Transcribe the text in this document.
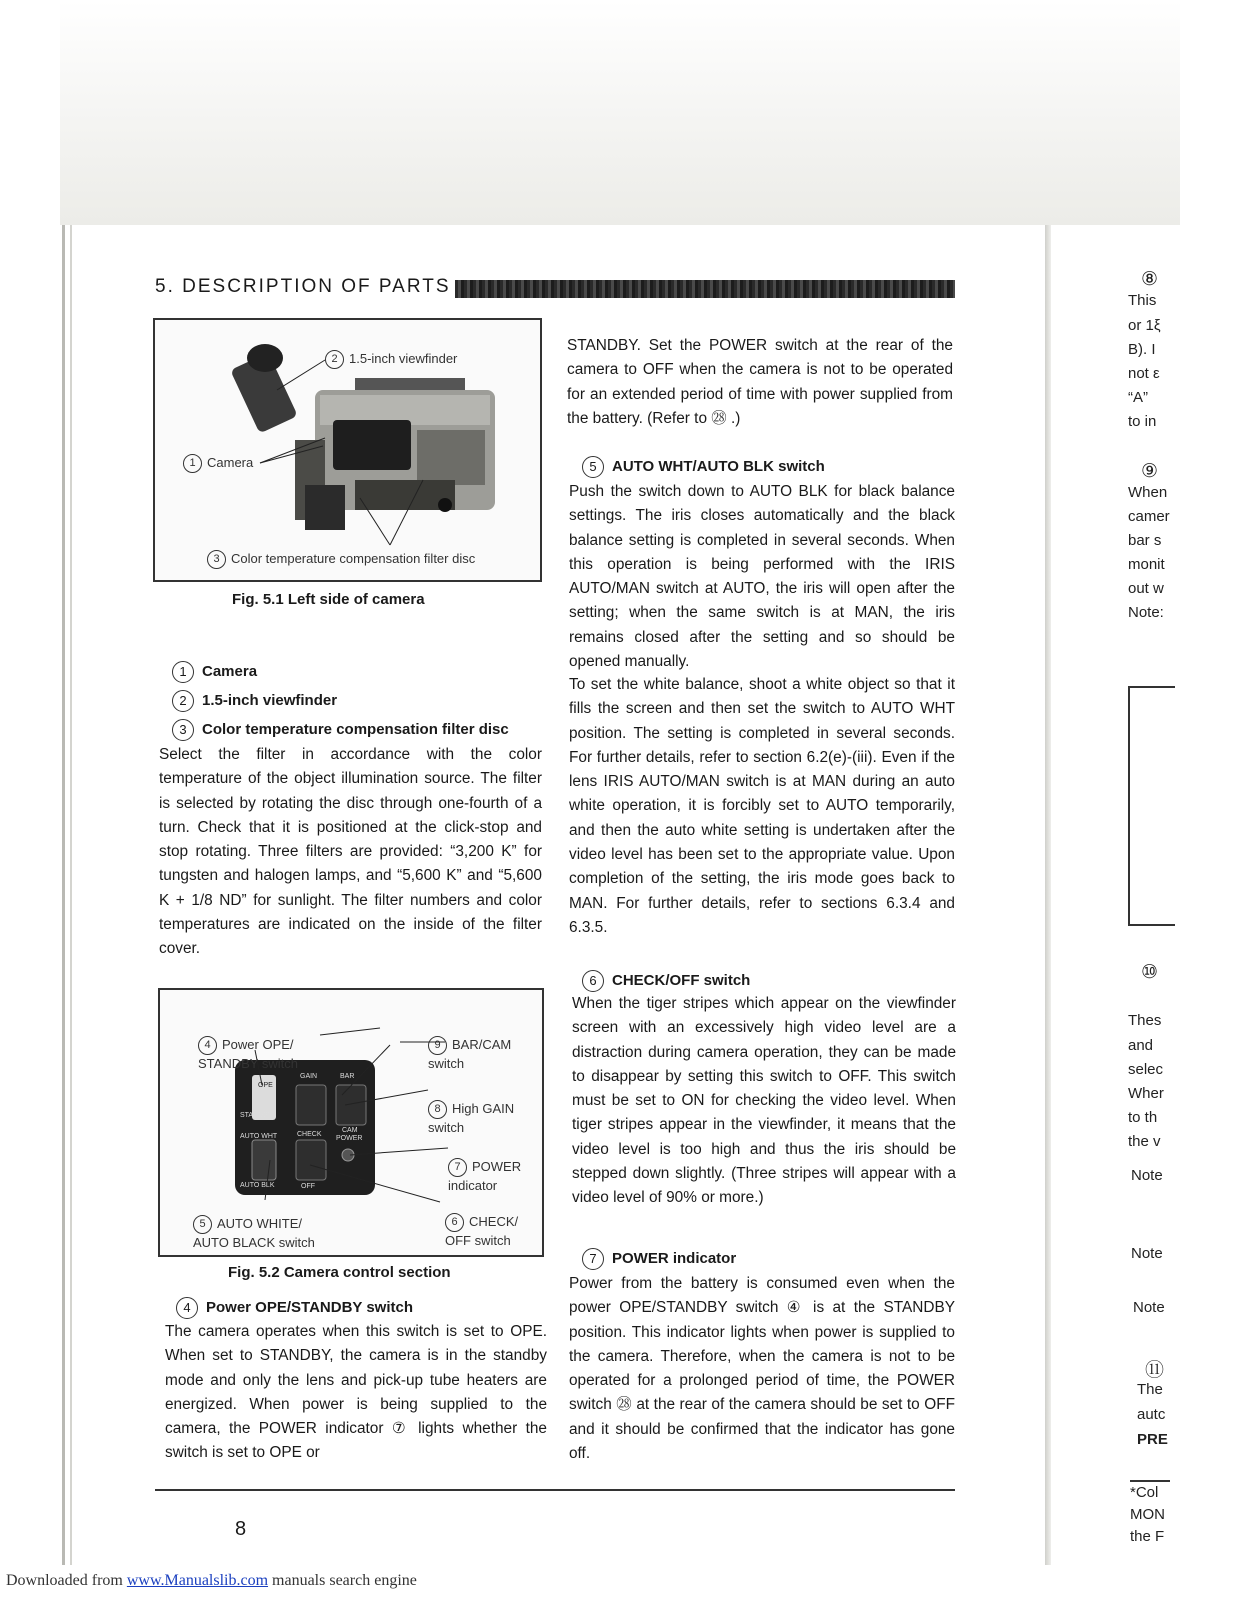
5. DESCRIPTION OF PARTS
2 1.5-inch viewfinder
1 Camera
3 Color temperature compensation filter disc
Fig. 5.1 Left side of camera
1 Camera
2 1.5-inch viewfinder
3 Color temperature compensation filter disc

Select the filter in accordance with the color temperature of the object illumination source. The filter is selected by rotating the disc through one-fourth of a turn. Check that it is positioned at the click-stop and stop rotating. Three filters are provided: “3,200 K” for tungsten and halogen lamps, and “5,600 K” and “5,600 K + 1/8 ND” for sunlight. The filter numbers and color temperatures are indicated on the inside of the filter cover.

OPE
STANDBY
GAIN	BAR
CAM
AUTO WHT
AUTO BLK
CHECK
POWER
OFF

4 Power OPE/
STANDBY switch

9 BAR/CAM
switch

8 High GAIN
switch

7 POWER
indicator

5 AUTO WHITE/
AUTO BLACK switch

6 CHECK/
OFF switch

Fig. 5.2 Camera control section
4 Power OPE/STANDBY switch

The camera operates when this switch is set to OPE. When set to STANDBY, the camera is in the standby mode and only the lens and pick-up tube heaters are energized. When power is being supplied to the camera, the POWER indicator ⑦ lights whether the switch is set to OPE or

STANDBY. Set the POWER switch at the rear of the camera to OFF when the camera is not to be operated for an extended period of time with power supplied from the battery. (Refer to ㉘ .)

5 AUTO WHT/AUTO BLK switch

Push the switch down to AUTO BLK for black balance settings. The iris closes automatically and the black balance setting is completed in several seconds. When this operation is being performed with the IRIS AUTO/MAN switch at AUTO, the iris will open after the setting; when the same switch is at MAN, the iris remains closed after the setting and so should be opened manually.

To set the white balance, shoot a white object so that it fills the screen and then set the switch to AUTO WHT position. The setting is completed in several seconds. For further details, refer to section 6.2(e)-(iii). Even if the lens IRIS AUTO/MAN switch is at MAN during an auto white operation, it is forcibly set to AUTO temporarily, and then the auto white setting is undertaken after the video level has been set to the appropriate value. Upon completion of the setting, the iris mode goes back to MAN. For further details, refer to sections 6.3.4 and 6.3.5.

6 CHECK/OFF switch

When the tiger stripes which appear on the viewfinder screen with an excessively high video level are a distraction during camera operation, they can be made to disappear by setting this switch to OFF. This switch must be set to ON for checking the video level. When tiger stripes appear in the viewfinder, it means that the video level is too high and thus the iris should be stepped down slightly. (Three stripes will appear with a video level of 90% or more.)

7 POWER indicator

Power from the battery is consumed even when the power OPE/STANDBY switch ④ is at the STANDBY position. This indicator lights when power is supplied to the camera. Therefore, when the camera is not to be operated for a prolonged period of time, the POWER switch ㉘ at the rear of the camera should be set to OFF and it should be confirmed that the indicator has gone off.

⑧
This
or 1ξ
B). I
not ε
“A”
to in
⑨
When
camer
bar s
monit
out w
Note:
⑩
Thes
and
selec
Wher
to th
the v
Note
Note
Note
⑪
The
autc
PRE
*Col
MON
the F
8
Downloaded from www.Manualslib.com manuals search engine
